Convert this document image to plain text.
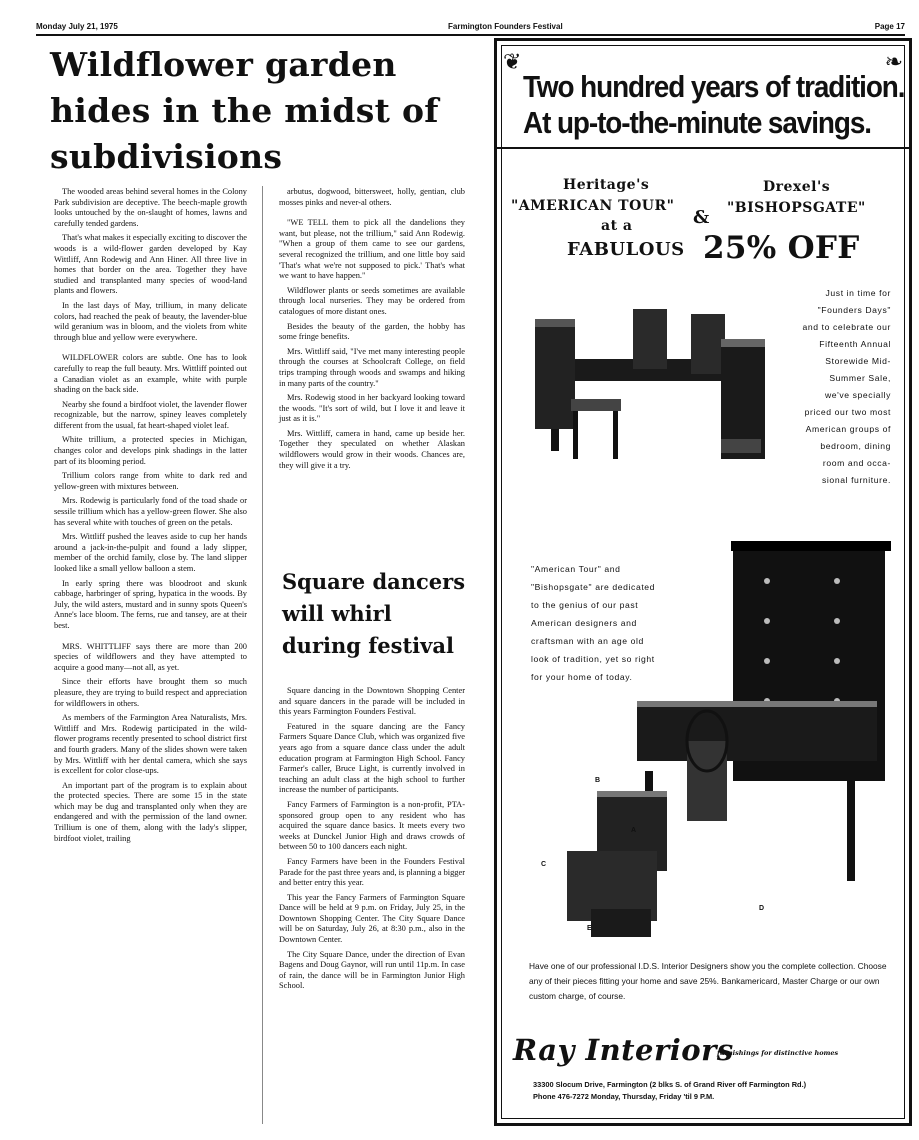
Monday July 21, 1975	Farmington Founders Festival	Page 17
Wildflower garden hides in the midst of subdivisions

The wooded areas behind several homes in the Colony Park subdivision are deceptive. The beech-maple growth looks untouched by the on-slaught of homes, lawns and carefully tended gardens.

That's what makes it especially exciting to discover the woods is a wild-flower garden developed by Kay Wittliff, Ann Rodewig and Ann Hiner. All three live in homes that border on the area. Together they have studied and transplanted many species of wood-land plants and flowers.

In the last days of May, trillium, in many delicate colors, had reached the peak of beauty, the lavender-blue wild geranium was in bloom, and the violets from white through blue and yellow were everywhere.

WILDFLOWER colors are subtle. One has to look carefully to reap the full beauty. Mrs. Wittliff pointed out a Canadian violet as an example, white with purple shading on the back side.

Nearby she found a birdfoot violet, the lavender flower recognizable, but the narrow, spiney leaves completely different from the usual, fat heart-shaped violet leaf.

White trillium, a protected species in Michigan, changes color and develops pink shadings in the latter part of its blooming period.

Trillium colors range from white to dark red and yellow-green with mixtures between.

Mrs. Rodewig is particularly fond of the toad shade or sessile trillium which has a yellow-green flower. She also has several white with touches of green on the petals.

Mrs. Wittliff pushed the leaves aside to cup her hands around a jack-in-the-pulpit and found a lady slipper, member of the orchid family, close by. The land slipper looked like a small yellow balloon a stem.

In early spring there was bloodroot and skunk cabbage, harbringer of spring, hypatica in the woods. By July, the wild asters, mustard and in sunny spots Queen's Anne's lace bloom. The ferns, rue and tansey, are at their best.

MRS. WHITTLIFF says there are more than 200 species of wildflowers and they have attempted to acquire a good many—not all, as yet.

Since their efforts have brought them so much pleasure, they are trying to build respect and appreciation for wildflowers in others.

As members of the Farmington Area Naturalists, Mrs. Wittliff and Mrs. Rodewig participated in the wild-flower programs recently presented to school district first and fourth graders. Many of the slides shown were taken by Mrs. Wittliff with her dental camera, which she says is excellent for color close-ups.

An important part of the program is to explain about the protected species. There are some 15 in the state which may be dug and transplanted only when they are endangered and with the permission of the land owner. Trillium is one of them, along with the lady's slipper, birdfoot violet, trailing

arbutus, dogwood, bittersweet, holly, gentian, club mosses pinks and never-al others.

"WE TELL them to pick all the dandelions they want, but please, not the trillium," said Ann Rodewig. "When a group of them came to see our gardens, several recognized the trillium, and one little boy said 'That's what we're not supposed to pick.' That's what we want to have happen."

Wildflower plants or seeds sometimes are available through local nurseries. They may be ordered from catalogues of more distant ones.

Besides the beauty of the garden, the hobby has some fringe benefits.

Mrs. Wittliff said, "I've met many interesting people through the courses at Schoolcraft College, on field trips tramping through woods and swamps and hiking in many parts of the country."

Mrs. Rodewig stood in her backyard looking toward the woods. "It's sort of wild, but I love it and leave it just as it is."

Mrs. Wittliff, camera in hand, came up beside her. Together they speculated on whether Alaskan wildflowers would grow in their woods. Chances are, they will give it a try.

Square dancers will whirl during festival

Square dancing in the Downtown Shopping Center and square dancers in the parade will be included in this years Farmington Founders Festival.

Featured in the square dancing are the Fancy Farmers Square Dance Club, which was organized five years ago from a square dance class under the adult education program at Farmington High School. Fancy Farmer's caller, Bruce Light, is currently involved in teaching an adult class at the high school to further increase the number of participants.

Fancy Farmers of Farmington is a non-profit, PTA-sponsored group open to any resident who has acquired the square dance basics. It meets every two weeks at Dunckel Junior High and draws crowds of between 50 to 100 dancers each night.

Fancy Farmers have been in the Founders Festival Parade for the past three years and, is planning a bigger and better entry this year.

This year the Fancy Farmers of Farmington Square Dance will be held at 9 p.m. on Friday, July 25, in the Downtown Shopping Center. The City Square Dance will be on Saturday, July 26, at 8:30 p.m., also in the Downtown Center.

The City Square Dance, under the direction of Evan Bagens and Doug Gaynor, will run until 11p.m. In case of rain, the dance will be in Farmington Junior High School.

❦	❧
Two hundred years of tradition.
At up-to-the-minute savings.
Heritage's
"AMERICAN TOUR"
&
Drexel's
"BISHOPSGATE"
at a
FABULOUS 25% OFF
Just in time for
"Founders Days"
and to celebrate our
Fifteenth Annual
Storewide Mid-
Summer Sale,
we've specially
priced our two most
American groups of
bedroom, dining
room and occa-
sional furniture.
"American Tour" and
"Bishopsgate" are dedicated
to the genius of our past
American designers and
craftsman with an age old
look of tradition, yet so right
for your home of today.
A
B
C
D
E
Have one of our professional I.D.S. Interior Designers show you the complete collection. Choose any of their pieces fitting your home and save 25%. Bankamericard, Master Charge or our own custom charge, of course.
Ray Interiors
furnishings for distinctive homes
33300 Slocum Drive, Farmington (2 blks S. of Grand River off Farmington Rd.)
Phone 476-7272 Monday, Thursday, Friday 'til 9 P.M.
